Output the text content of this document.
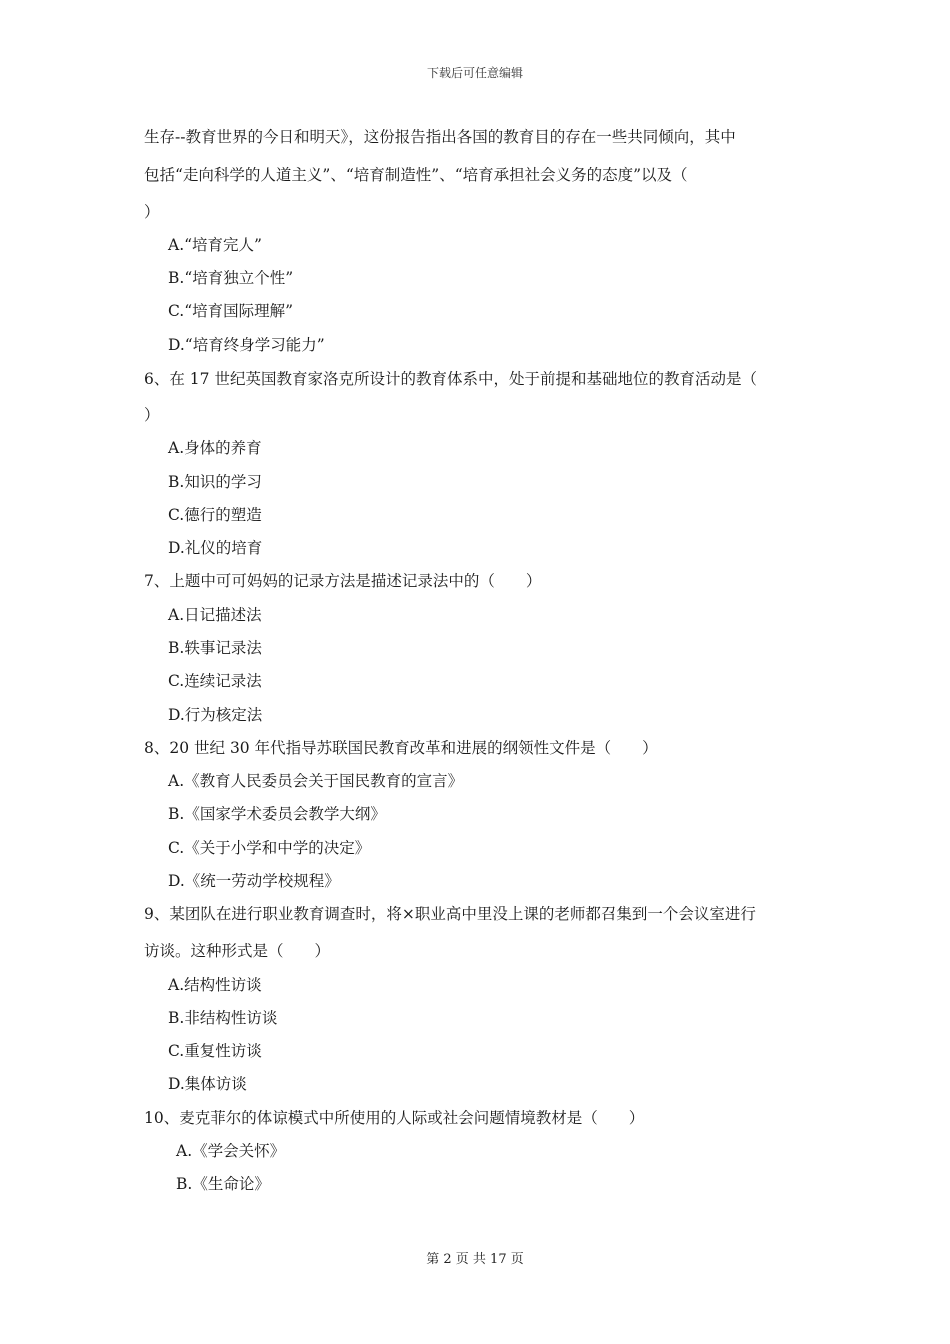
下载后可任意编辑
生存--教育世界的今日和明天》，这份报告指出各国的教育目的存在一些共同倾向，其中
包括“走向科学的人道主义”、“培育制造性”、“培育承担社会义务的态度”以及（
）
A.“培育完人”
B.“培育独立个性”
C.“培育国际理解”
D.“培育终身学习能力”
6、在 17 世纪英国教育家洛克所设计的教育体系中，处于前提和基础地位的教育活动是（
）
A.身体的养育
B.知识的学习
C.德行的塑造
D.礼仪的培育
7、上题中可可妈妈的记录方法是描述记录法中的（　　）
A.日记描述法
B.轶事记录法
C.连续记录法
D.行为核定法
8、20 世纪 30 年代指导苏联国民教育改革和进展的纲领性文件是（　　）
A.《教育人民委员会关于国民教育的宣言》
B.《国家学术委员会教学大纲》
C.《关于小学和中学的决定》
D.《统一劳动学校规程》
9、某团队在进行职业教育调查时，将×职业高中里没上课的老师都召集到一个会议室进行
访谈。这种形式是（　　）
A.结构性访谈
B.非结构性访谈
C.重复性访谈
D.集体访谈
10、麦克菲尔的体谅模式中所使用的人际或社会问题情境教材是（　　）
A.《学会关怀》
B.《生命论》
第 2 页 共 17 页
